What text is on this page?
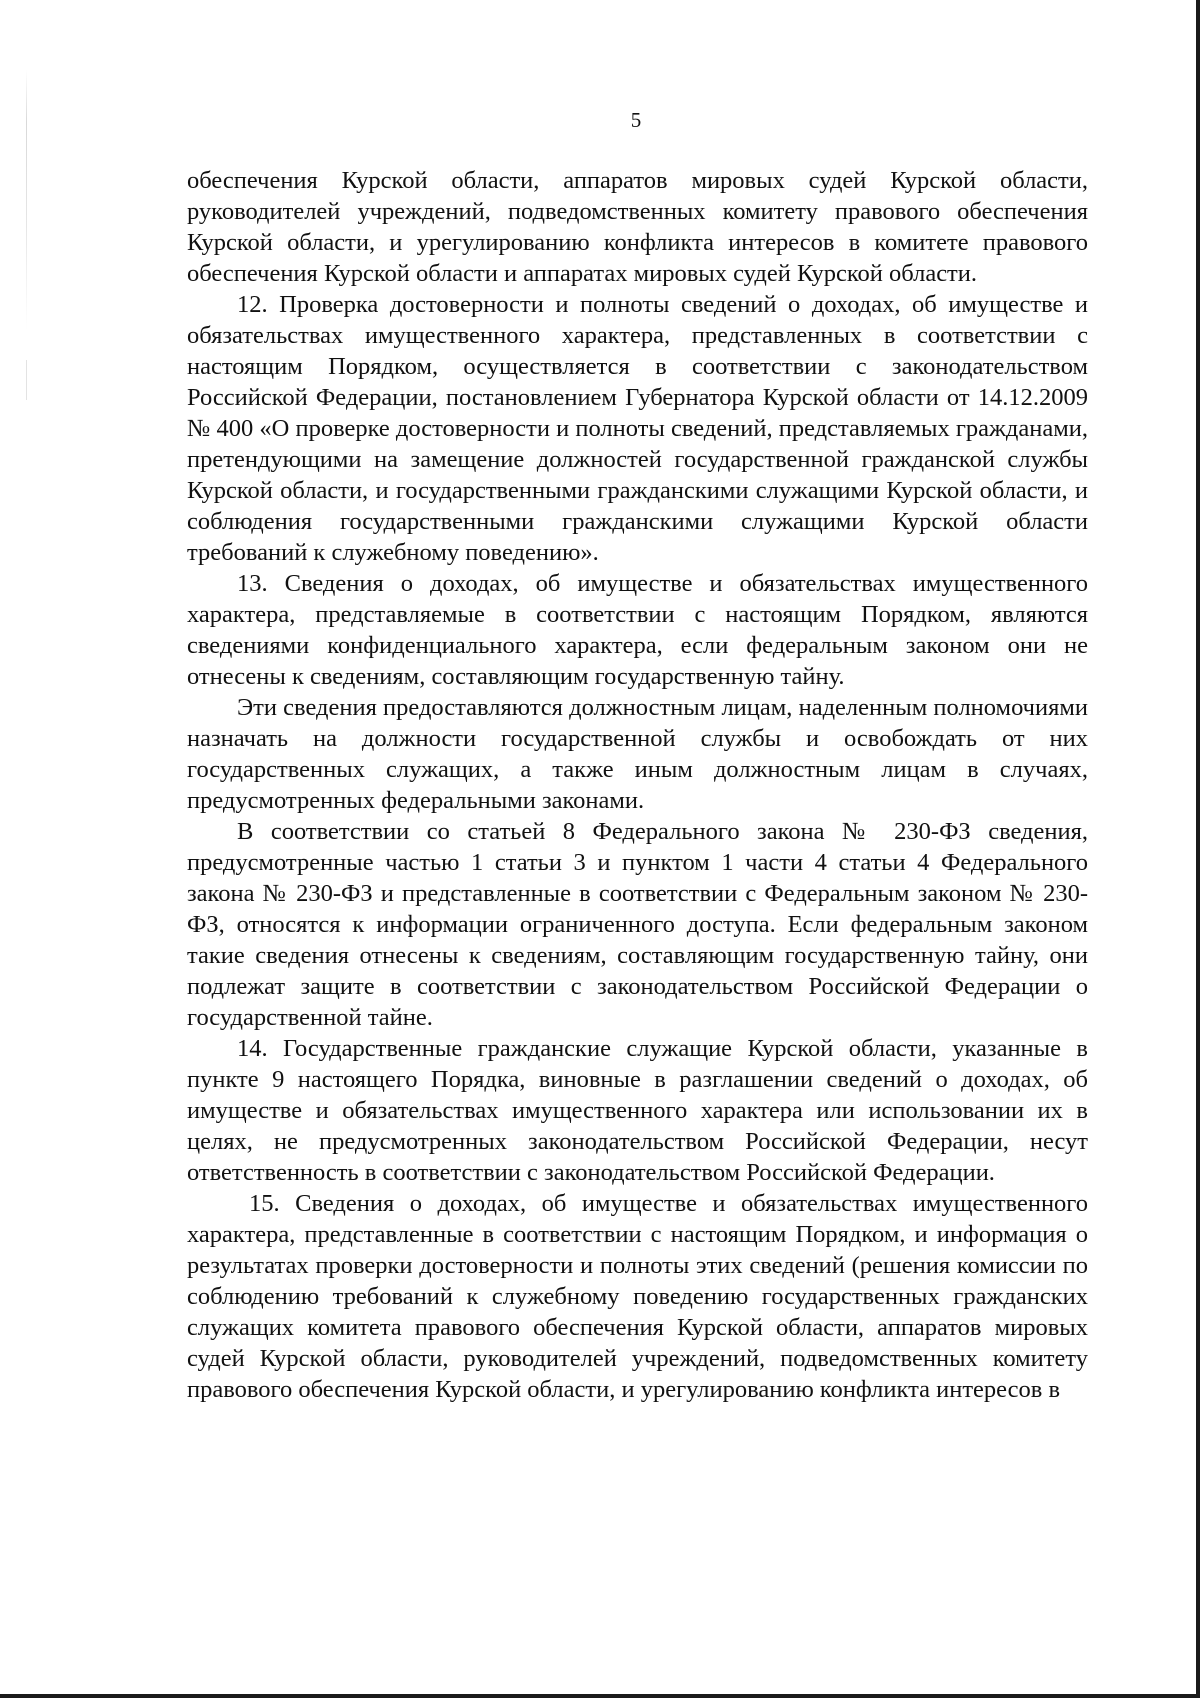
5

обеспечения Курской области, аппаратов мировых судей Курской области, руководителей учреждений, подведомственных комитету правового обеспечения Курской области, и урегулированию конфликта интересов в комитете правового обеспечения Курской области и аппаратах мировых судей Курской области.

12. Проверка достоверности и полноты сведений о доходах, об имуществе и обязательствах имущественного характера, представленных в соответствии с настоящим Порядком, осуществляется в соответствии с законодательством Российской Федерации, постановлением Губернатора Курской области от 14.12.2009 № 400 «О проверке достоверности и полноты сведений, представляемых гражданами, претендующими на замещение должностей государственной гражданской службы Курской области, и государственными гражданскими служащими Курской области, и соблюдения государственными гражданскими служащими Курской области требований к служебному поведению».

13. Сведения о доходах, об имуществе и обязательствах имущественного характера, представляемые в соответствии с настоящим Порядком, являются сведениями конфиденциального характера, если федеральным законом они не отнесены к сведениям, составляющим государственную тайну.

Эти сведения предоставляются должностным лицам, наделенным полномочиями назначать на должности государственной службы и освобождать от них государственных служащих, а также иным должностным лицам в случаях, предусмотренных федеральными законами.

В соответствии со статьей 8 Федерального закона № 230-ФЗ сведения, предусмотренные частью 1 статьи 3 и пунктом 1 части 4 статьи 4 Федерального закона № 230-ФЗ и представленные в соответствии с Федеральным законом № 230-ФЗ, относятся к информации ограниченного доступа. Если федеральным законом такие сведения отнесены к сведениям, составляющим государственную тайну, они подлежат защите в соответствии с законодательством Российской Федерации о государственной тайне.

14. Государственные гражданские служащие Курской области, указанные в пункте 9 настоящего Порядка, виновные в разглашении сведений о доходах, об имуществе и обязательствах имущественного характера или использовании их в целях, не предусмотренных законодательством Российской Федерации, несут ответственность в соответствии с законодательством Российской Федерации.

15. Сведения о доходах, об имуществе и обязательствах имущественного характера, представленные в соответствии с настоящим Порядком, и информация о результатах проверки достоверности и полноты этих сведений (решения комиссии по соблюдению требований к служебному поведению государственных гражданских служащих комитета правового обеспечения Курской области, аппаратов мировых судей Курской области, руководителей учреждений, подведомственных комитету правового обеспечения Курской области, и урегулированию конфликта интересов в
